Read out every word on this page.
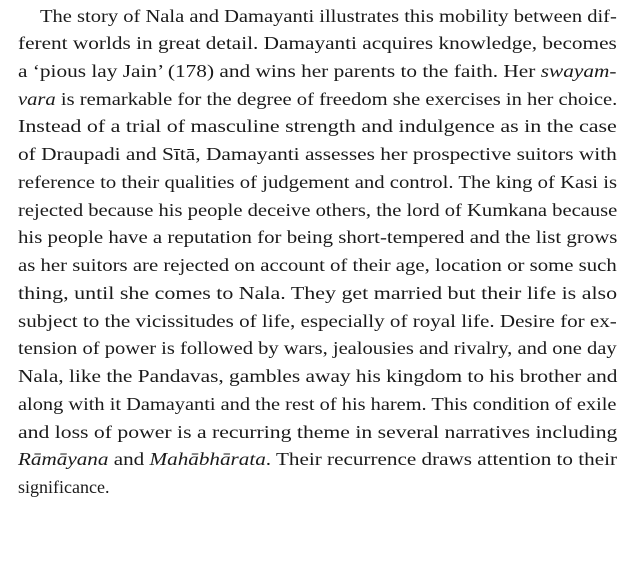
The story of Nala and Damayanti illustrates this mobility between dif-
ferent worlds in great detail. Damayanti acquires knowledge, becomes
a ‘pious lay Jain’ (178) and wins her parents to the faith. Her swayam-
vara is remarkable for the degree of freedom she exercises in her choice.
Instead of a trial of masculine strength and indulgence as in the case
of Draupadi and Sītā, Damayanti assesses her prospective suitors with
reference to their qualities of judgement and control. The king of Kasi is
rejected because his people deceive others, the lord of Kumkana because
his people have a reputation for being short-tempered and the list grows
as her suitors are rejected on account of their age, location or some such
thing, until she comes to Nala. They get married but their life is also
subject to the vicissitudes of life, especially of royal life. Desire for ex-
tension of power is followed by wars, jealousies and rivalry, and one day
Nala, like the Pandavas, gambles away his kingdom to his brother and
along with it Damayanti and the rest of his harem. This condition of exile
and loss of power is a recurring theme in several narratives including
Rāmāyana and Mahābhārata. Their recurrence draws attention to their
significance.
